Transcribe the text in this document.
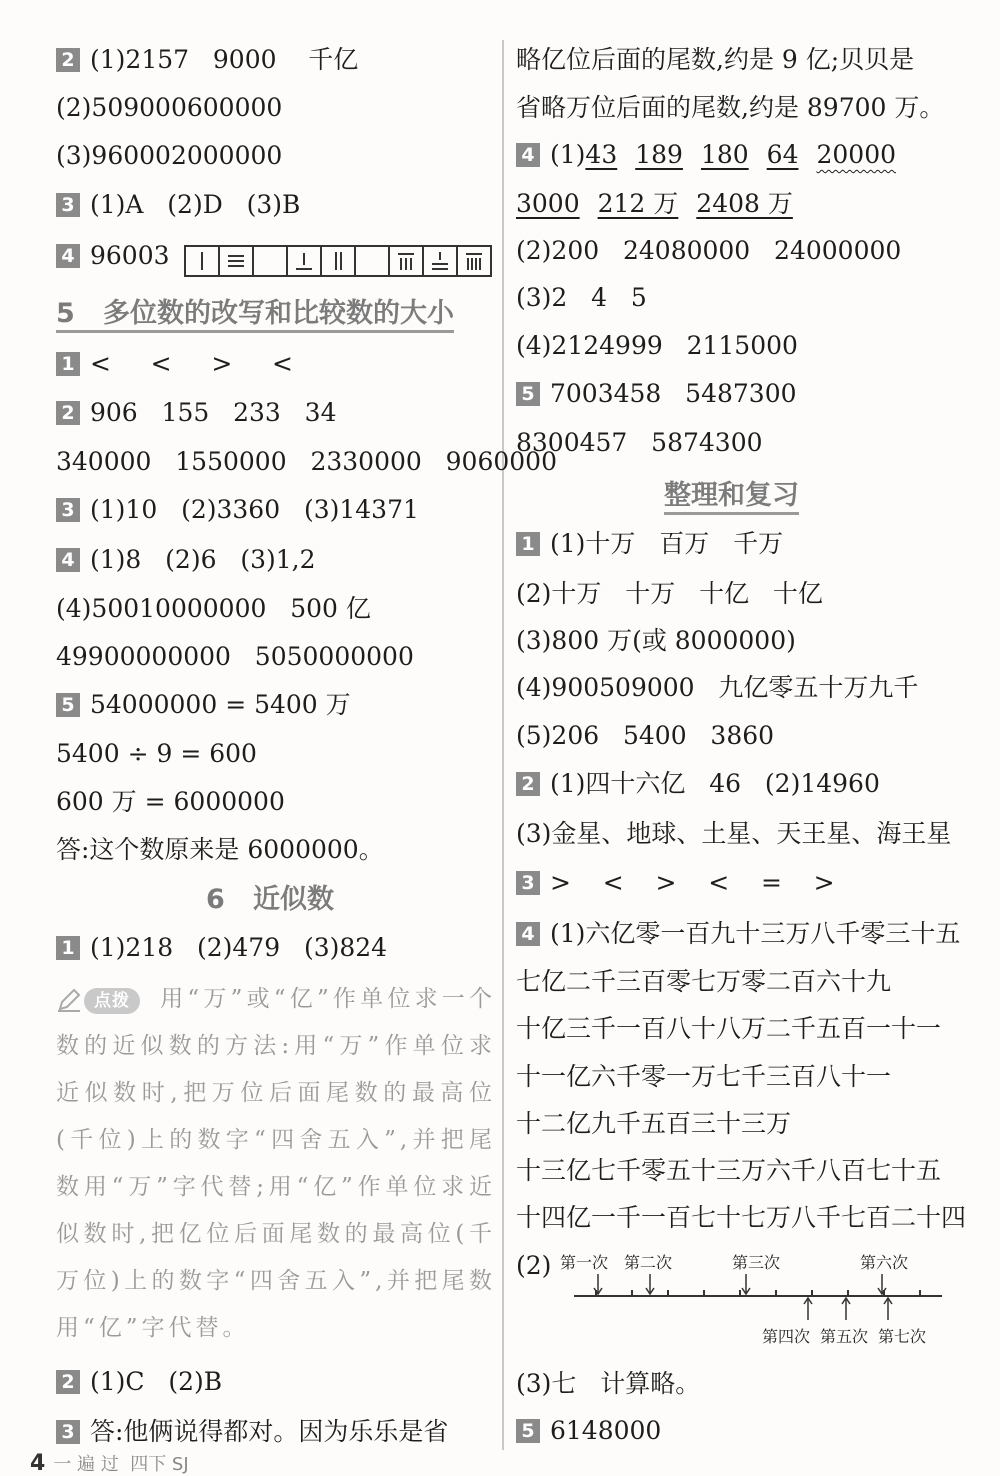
2 (1)2157   9000    千亿
(2)509000600000
(3)960002000000
3 (1)A   (2)D   (3)B
4 96003
5   多位数的改写和比较数的大小
1 <     <     >     <
2 906   155   233   34
340000   1550000   2330000   9060000
3 (1)10   (2)3360   (3)14371
4 (1)8   (2)6   (3)1,2
(4)50010000000   500 亿
49900000000   5050000000
5 54000000 = 5400 万
5400 ÷ 9 = 600
600 万 = 6000000
答:这个数原来是 6000000。
6   近似数
1 (1)218   (2)479   (3)824
点拨 用“万”或“亿”作单位求一个数的近似数的方法:用“万”作单位求近似数时,把万位后面尾数的最高位(千位)上的数字“四舍五入”,并把尾数用“万”字代替;用“亿”作单位求近似数时,把亿位后面尾数的最高位(千万位)上的数字“四舍五入”,并把尾数用“亿”字代替。
2 (1)C   (2)B
3 答:他俩说得都对。因为乐乐是省
略亿位后面的尾数,约是 9 亿;贝贝是
省略万位后面的尾数,约是 89700 万。
4 (1)43 189 180 64 20000
3000 212 万 2408 万
(2)200   24080000   24000000
(3)2   4   5
(4)2124999   2115000
5 7003458   5487300
8300457   5874300
整理和复习
1 (1)十万   百万   千万
(2)十万   十万   十亿   十亿
(3)800 万(或 8000000)
(4)900509000   九亿零五十万九千
(5)206   5400   3860
2 (1)四十六亿   46   (2)14960
(3)金星、地球、土星、天王星、海王星
3 >    <    >    <    =    >
4 (1)六亿零一百九十三万八千零三十五
七亿二千三百零七万零二百六十九
十亿三千一百八十八万二千五百一十一
十一亿六千零一万七千三百八十一
十二亿九千五百三十三万
十三亿七千零五十三万六千八百七十五
十四亿一千一百七十七万八千七百二十四
(2) 第一次 第二次	第三次	第六次
第四次 第五次 第七次
(3)七   计算略。
5 6148000
4 一 遍 过  四下 SJ
